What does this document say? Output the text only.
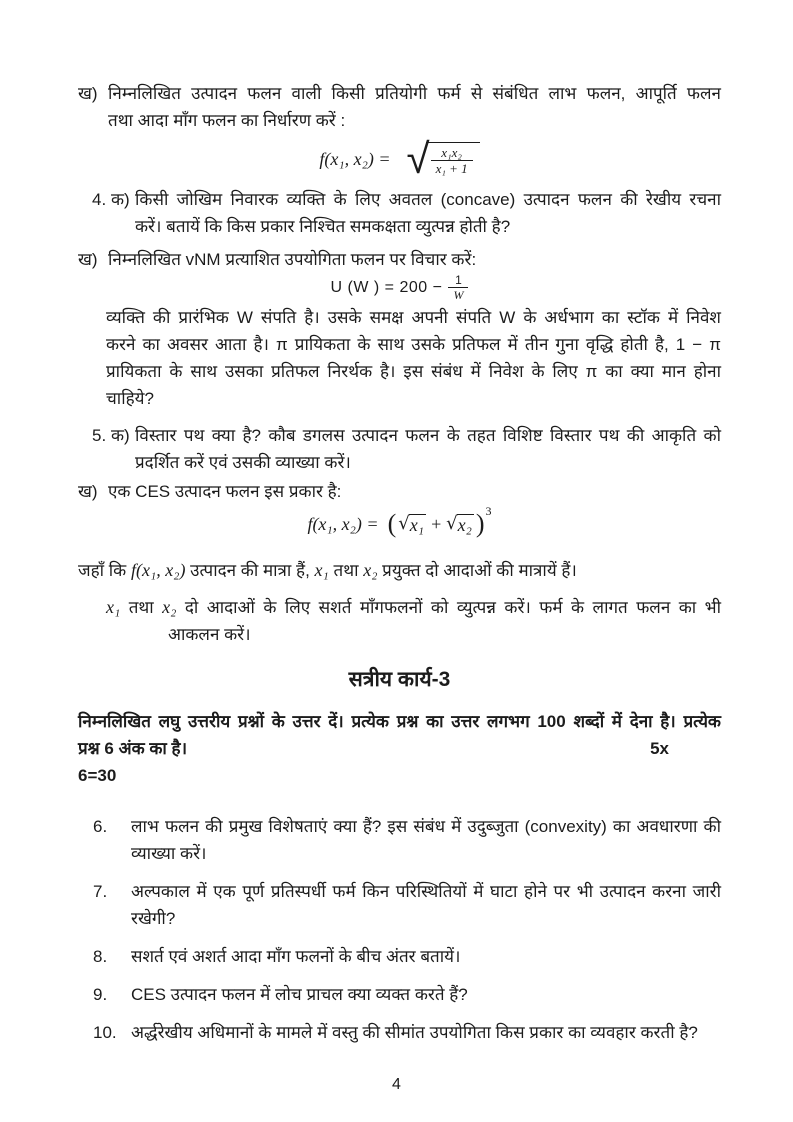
ख) निम्नलिखित उत्पादन फलन वाली किसी प्रतियोगी फर्म से संबंधित लाभ फलन, आपूर्ति फलन
तथा आदा माँग फलन का निर्धारण करें :
f(x₁, x₂) = √ $\frac{\text{x₁x₂}}{\text{x₁ + 1}}$
4. क) किसी जोखिम निवारक व्यक्ति के लिए अवतल (concave) उत्पादन फलन की रेखीय रचना
करें। बतायें कि किस प्रकार निश्चित समकक्षता व्युत्पन्न होती है?
ख) निम्नलिखित vNM प्रत्याशित उपयोगिता फलन पर विचार करें:
U (W ) = $200 - \frac{1}{W}$
व्यक्ति की प्रारंभिक W संपति है। उसके समक्ष अपनी संपति W के अर्धभाग का स्टॉक में निवेश
करने का अवसर आता है। π प्रायिकता के साथ उसके प्रतिफल में तीन गुना वृद्धि होती है, 1 − π
प्रायिकता के साथ उसका प्रतिफल निरर्थक है। इस संबंध में निवेश के लिए π का क्या मान होना
चाहिये?
5. क) विस्तार पथ क्या है? कौब डगलस उत्पादन फलन के तहत विशिष्ट विस्तार पथ की आकृति को
प्रदर्शित करें एवं उसकी व्याख्या करें।
ख) एक CES उत्पादन फलन इस प्रकार है:
f(x₁, x₂) = ( √ x₁ + √ x₂ ) 3
जहाँ कि f(x₁, x₂) उत्पादन की मात्रा हैं, x₁ तथा x₂ प्रयुक्त दो आदाओं की मात्रायें हैं।
x₁ तथा x₂ दो आदाओं के लिए सशर्त माँगफलनों को व्युत्पन्न करें। फर्म के लागत फलन का भी
आकलन करें।
सत्रीय कार्य-3
निम्नलिखित लघु उत्तरीय प्रश्नों के उत्तर दें। प्रत्येक प्रश्न का उत्तर लगभग 100 शब्दों में देना है। प्रत्येक
प्रश्न 6 अंक का है।	5x
6=30
6.	लाभ फलन की प्रमुख विशेषताएं क्या हैं? इस संबंध में उदुब्जुता (convexity) का अवधारणा की
व्याख्या करें।
7.	अल्पकाल में एक पूर्ण प्रतिस्पर्धी फर्म किन परिस्थितियों में घाटा होने पर भी उत्पादन करना जारी
रखेगी?
8.	सशर्त एवं अशर्त आदा माँग फलनों के बीच अंतर बतायें।
9.	CES उत्पादन फलन में लोच प्राचल क्या व्यक्त करते हैं?
10. अर्द्धरेखीय अधिमानों के मामले में वस्तु की सीमांत उपयोगिता किस प्रकार का व्यवहार करती है?
4
